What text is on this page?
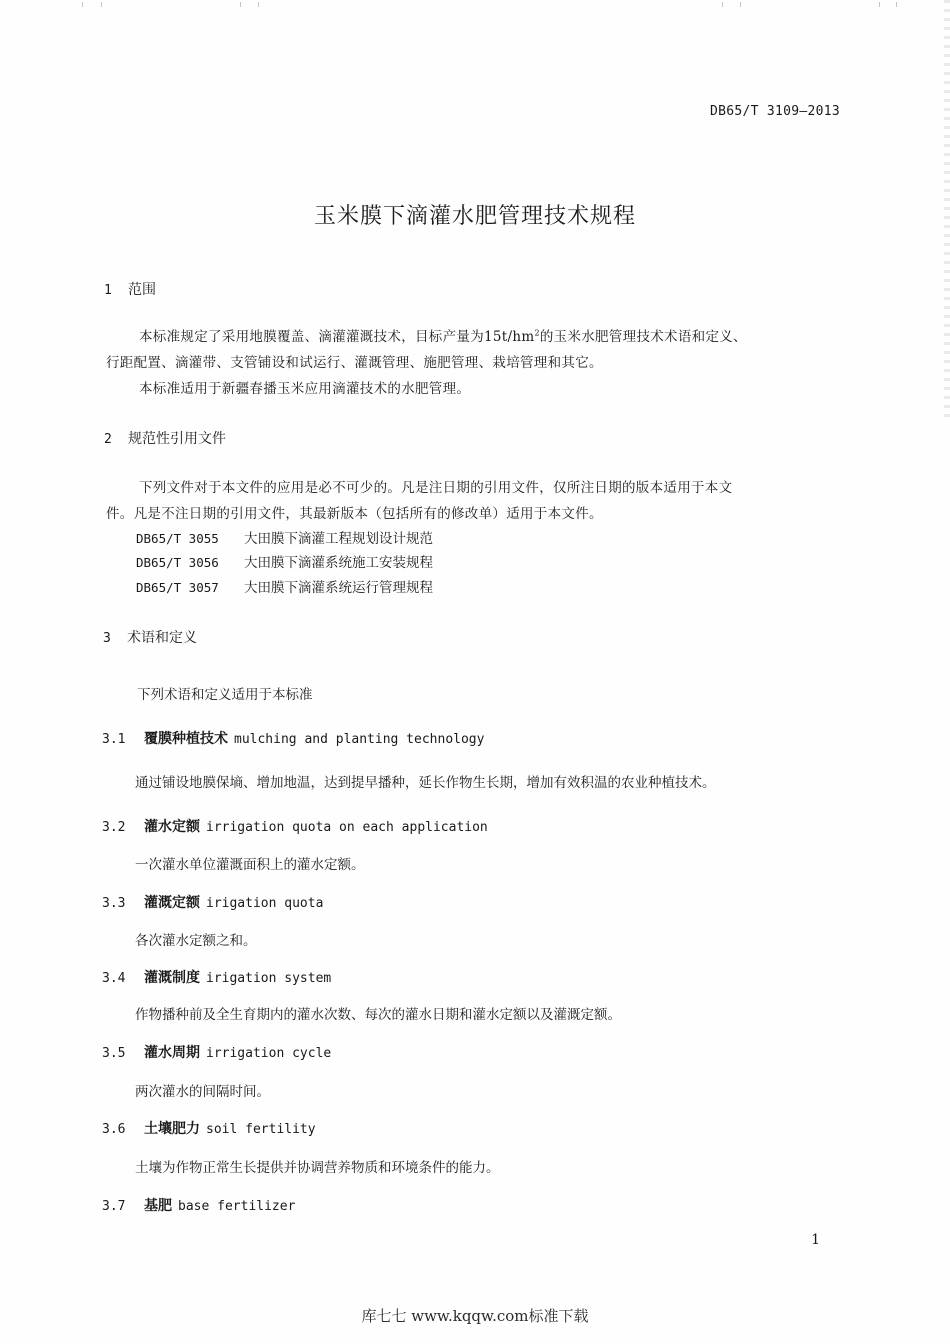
DB65/T 3109—2013
玉米膜下滴灌水肥管理技术规程
1 范围
本标准规定了采用地膜覆盖、滴灌灌溉技术，目标产量为$15t/hm^2$的玉米水肥管理技术术语和定义、
行距配置、滴灌带、支管铺设和试运行、灌溉管理、施肥管理、栽培管理和其它。
本标准适用于新疆春播玉米应用滴灌技术的水肥管理。
2 规范性引用文件
下列文件对于本文件的应用是必不可少的。凡是注日期的引用文件，仅所注日期的版本适用于本文
件。凡是不注日期的引用文件，其最新版本（包括所有的修改单）适用于本文件。
DB65/T 3055 大田膜下滴灌工程规划设计规范
DB65/T 3056 大田膜下滴灌系统施工安装规程
DB65/T 3057 大田膜下滴灌系统运行管理规程
3 术语和定义
下列术语和定义适用于本标准
3.1 覆膜种植技术 mulching and planting technology
通过铺设地膜保墒、增加地温，达到提早播种，延长作物生长期，增加有效积温的农业种植技术。
3.2 灌水定额 irrigation quota on each application
一次灌水单位灌溉面积上的灌水定额。
3.3 灌溉定额 irigation quota
各次灌水定额之和。
3.4 灌溉制度 irigation system
作物播种前及全生育期内的灌水次数、每次的灌水日期和灌水定额以及灌溉定额。
3.5 灌水周期 irrigation cycle
两次灌水的间隔时间。
3.6 土壤肥力 soil fertility
土壤为作物正常生长提供并协调营养物质和环境条件的能力。
3.7 基肥 base fertilizer
1
库七七 www.kqqw.com标准下载
